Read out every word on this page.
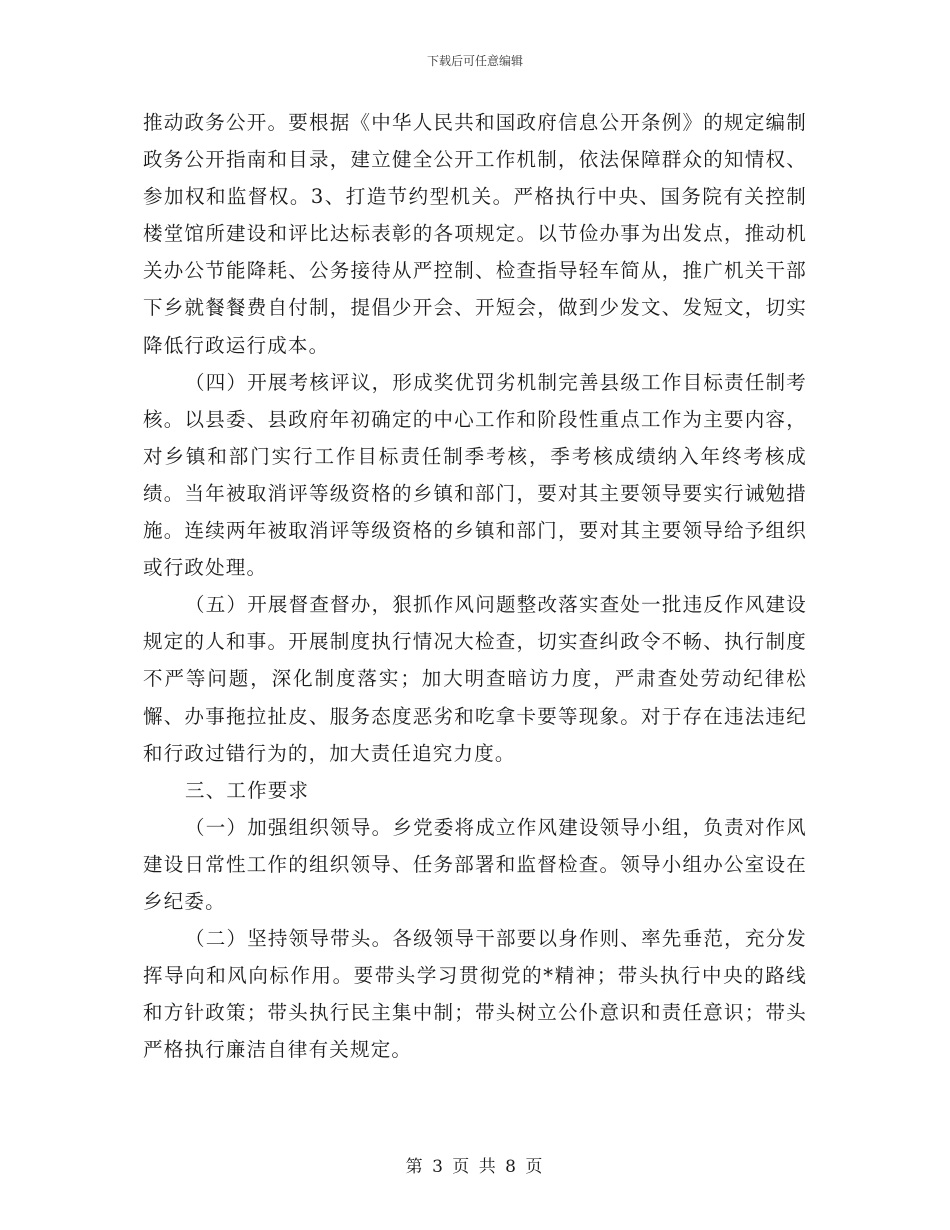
下载后可任意编辑

推动政务公开。要根据《中华人民共和国政府信息公开条例》的规定编制政务公开指南和目录，建立健全公开工作机制，依法保障群众的知情权、参加权和监督权。3、打造节约型机关。严格执行中央、国务院有关控制楼堂馆所建设和评比达标表彰的各项规定。以节俭办事为出发点，推动机关办公节能降耗、公务接待从严控制、检查指导轻车简从，推广机关干部下乡就餐餐费自付制，提倡少开会、开短会，做到少发文、发短文，切实降低行政运行成本。

（四）开展考核评议，形成奖优罚劣机制完善县级工作目标责任制考核。以县委、县政府年初确定的中心工作和阶段性重点工作为主要内容，对乡镇和部门实行工作目标责任制季考核，季考核成绩纳入年终考核成绩。当年被取消评等级资格的乡镇和部门，要对其主要领导要实行诫勉措施。连续两年被取消评等级资格的乡镇和部门，要对其主要领导给予组织或行政处理。

（五）开展督查督办，狠抓作风问题整改落实查处一批违反作风建设规定的人和事。开展制度执行情况大检查，切实查纠政令不畅、执行制度不严等问题，深化制度落实；加大明查暗访力度，严肃查处劳动纪律松懈、办事拖拉扯皮、服务态度恶劣和吃拿卡要等现象。对于存在违法违纪和行政过错行为的，加大责任追究力度。

三、工作要求

（一）加强组织领导。乡党委将成立作风建设领导小组，负责对作风建设日常性工作的组织领导、任务部署和监督检查。领导小组办公室设在乡纪委。

（二）坚持领导带头。各级领导干部要以身作则、率先垂范，充分发挥导向和风向标作用。要带头学习贯彻党的*精神；带头执行中央的路线和方针政策；带头执行民主集中制；带头树立公仆意识和责任意识；带头严格执行廉洁自律有关规定。

第 3 页 共 8 页
